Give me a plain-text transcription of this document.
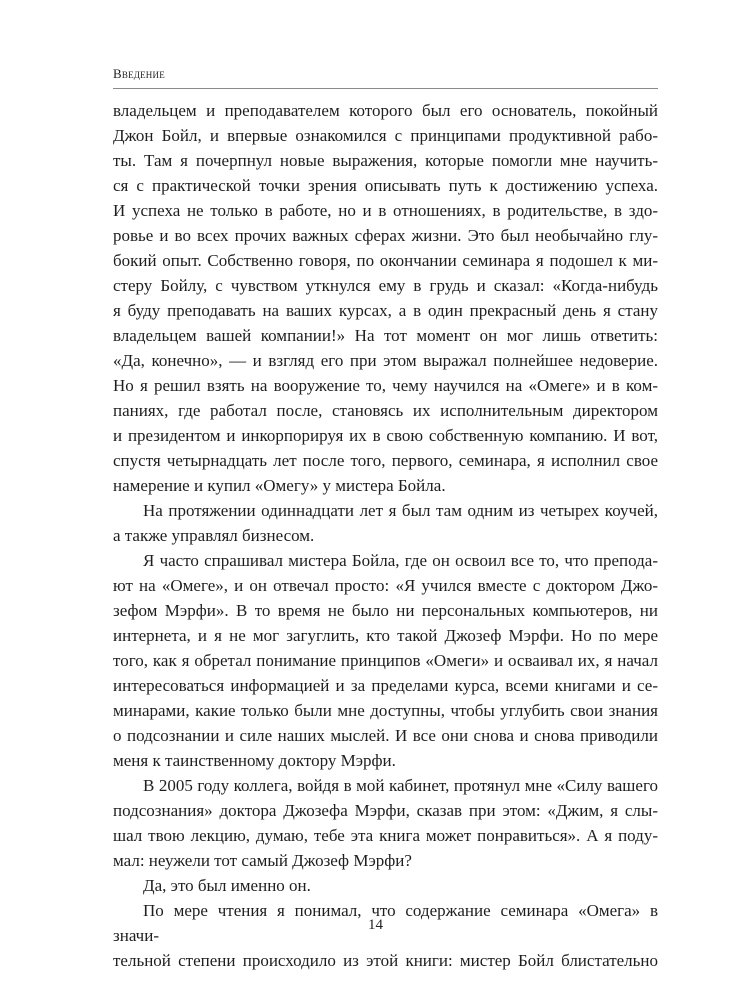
Введение

владельцем и преподавателем которого был его основатель, покойный
Джон Бойл, и впервые ознакомился с принципами продуктивной рабо-
ты. Там я почерпнул новые выражения, которые помогли мне научить-
ся с практической точки зрения описывать путь к достижению успеха.
И успеха не только в работе, но и в отношениях, в родительстве, в здо-
ровье и во всех прочих важных сферах жизни. Это был необычайно глу-
бокий опыт. Собственно говоря, по окончании семинара я подошел к ми-
стеру Бойлу, с чувством уткнулся ему в грудь и сказал: «Когда-нибудь
я буду преподавать на ваших курсах, а в один прекрасный день я стану
владельцем вашей компании!» На тот момент он мог лишь ответить:
«Да, конечно», — и взгляд его при этом выражал полнейшее недоверие.
Но я решил взять на вооружение то, чему научился на «Омеге» и в ком-
паниях, где работал после, становясь их исполнительным директором
и президентом и инкорпорируя их в свою собственную компанию. И вот,
спустя четырнадцать лет после того, первого, семинара, я исполнил свое
намерение и купил «Омегу» у мистера Бойла.

На протяжении одиннадцати лет я был там одним из четырех коучей,
а также управлял бизнесом.

Я часто спрашивал мистера Бойла, где он освоил все то, что препода-
ют на «Омеге», и он отвечал просто: «Я учился вместе с доктором Джо-
зефом Мэрфи». В то время не было ни персональных компьютеров, ни
интернета, и я не мог загуглить, кто такой Джозеф Мэрфи. Но по мере
того, как я обретал понимание принципов «Омеги» и осваивал их, я начал
интересоваться информацией и за пределами курса, всеми книгами и се-
минарами, какие только были мне доступны, чтобы углубить свои знания
о подсознании и силе наших мыслей. И все они снова и снова приводили
меня к таинственному доктору Мэрфи.

В 2005 году коллега, войдя в мой кабинет, протянул мне «Силу вашего
подсознания» доктора Джозефа Мэрфи, сказав при этом: «Джим, я слы-
шал твою лекцию, думаю, тебе эта книга может понравиться». А я поду-
мал: неужели тот самый Джозеф Мэрфи?

Да, это был именно он.

По мере чтения я понимал, что содержание семинара «Омега» в значи-
тельной степени происходило из этой книги: мистер Бойл блистательно

14
